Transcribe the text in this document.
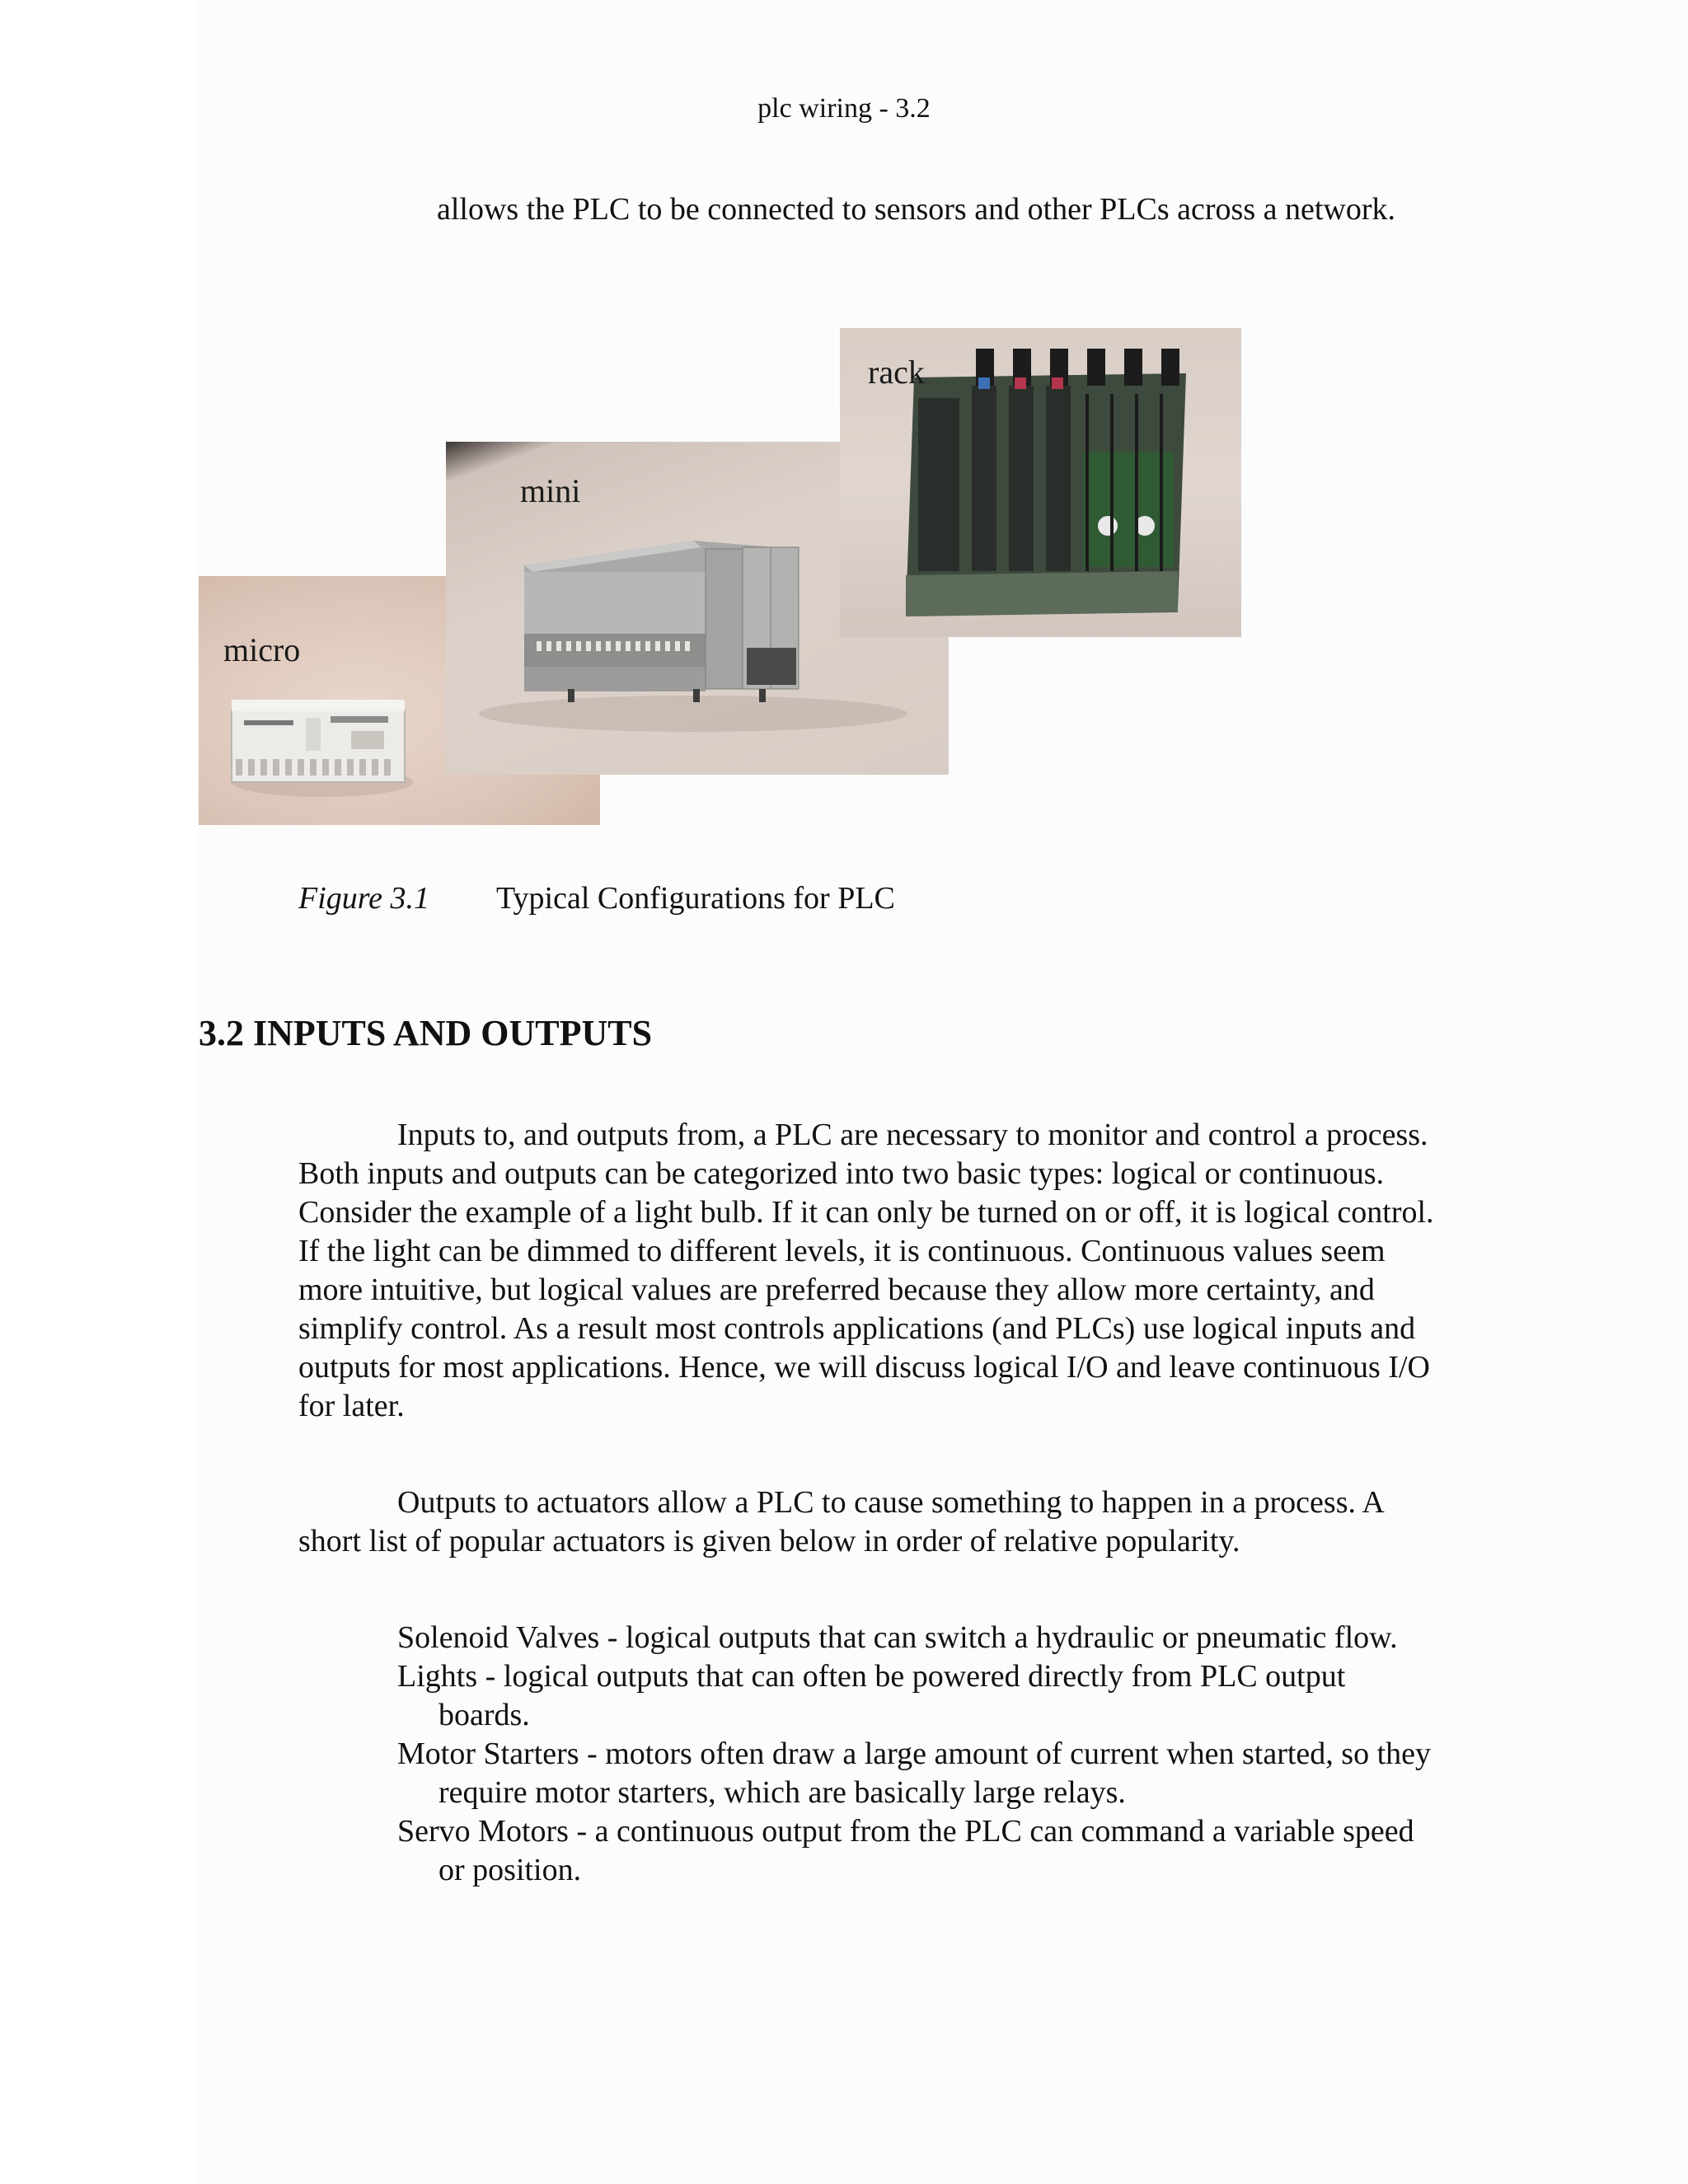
plc wiring - 3.2
allows the PLC to be connected to sensors and other PLCs across a network.
micro
mini
rack
Figure 3.1 Typical Configurations for PLC
3.2 INPUTS AND OUTPUTS
Inputs to, and outputs from, a PLC are necessary to monitor and control a process.
Both inputs and outputs can be categorized into two basic types: logical or continuous.
Consider the example of a light bulb. If it can only be turned on or off, it is logical control.
If the light can be dimmed to different levels, it is continuous. Continuous values seem
more intuitive, but logical values are preferred because they allow more certainty, and
simplify control. As a result most controls applications (and PLCs) use logical inputs and
outputs for most applications. Hence, we will discuss logical I/O and leave continuous I/O
for later.
Outputs to actuators allow a PLC to cause something to happen in a process. A
short list of popular actuators is given below in order of relative popularity.
Solenoid Valves - logical outputs that can switch a hydraulic or pneumatic flow.
Lights - logical outputs that can often be powered directly from PLC output
boards.
Motor Starters - motors often draw a large amount of current when started, so they
require motor starters, which are basically large relays.
Servo Motors - a continuous output from the PLC can command a variable speed
or position.
